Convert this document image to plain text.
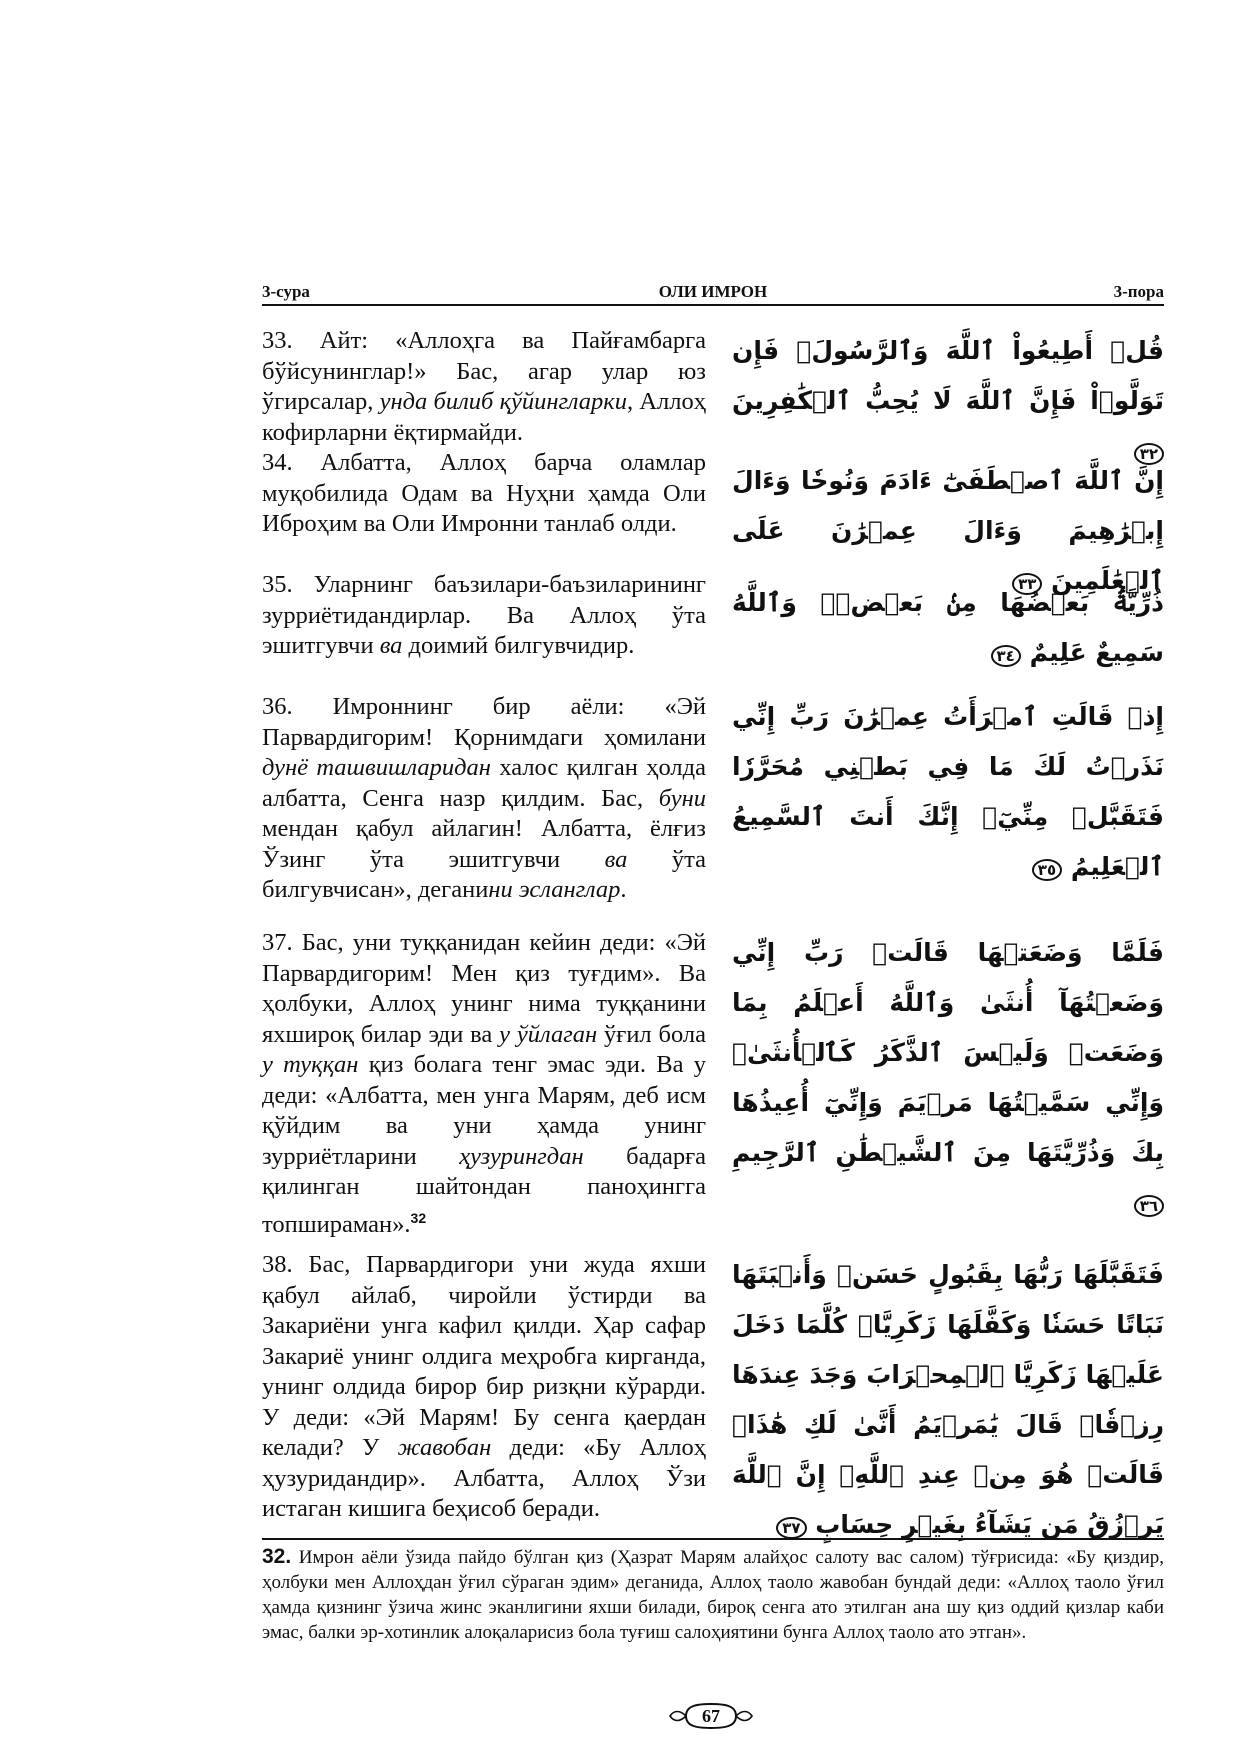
3-сура	ОЛИ ИМРОН	3-пора
33. Айт: «Аллоҳга ва Пайғамбарга бўйсунинглар!» Бас, агар улар юз ўгирсалар, унда билиб қўйингларки, Аллоҳ кофирларни ёқтирмайди.
قُلۡ أَطِيعُواْ ٱللَّهَ وَٱلرَّسُولَۖ فَإِن تَوَلَّوۡاْ فَإِنَّ ٱللَّهَ لَا يُحِبُّ ٱلۡكَٰفِرِينَ ٣٢
34. Албатта, Аллоҳ барча оламлар муқобилида Одам ва Нуҳни ҳамда Оли Иброҳим ва Оли Имронни танлаб олди.
إِنَّ ٱللَّهَ ٱصۡطَفَىٰٓ ءَادَمَ وَنُوحٗا وَءَالَ إِبۡرَٰهِيمَ وَءَالَ عِمۡرَٰنَ عَلَى ٱلۡعَٰلَمِينَ ٣٣
35. Уларнинг баъзилари-баъзиларининг зурриётидандирлар. Ва Аллоҳ ўта эшитгувчи ва доимий билгувчидир.
ذُرِّيَّةَۢ بَعۡضُهَا مِنۢ بَعۡضٖۗ وَٱللَّهُ سَمِيعٌ عَلِيمٌ ٣٤
36. Имроннинг бир аёли: «Эй Парвардигорим! Қорнимдаги ҳомилани дунё ташвишларидан халос қилган ҳолда албатта, Сенга назр қилдим. Бас, буни мендан қабул айлагин! Албатта, ёлғиз Ўзинг ўта эшитгувчи ва ўта билгувчисан», деганини эсланглар.
إِذۡ قَالَتِ ٱمۡرَأَتُ عِمۡرَٰنَ رَبِّ إِنِّي نَذَرۡتُ لَكَ مَا فِي بَطۡنِي مُحَرَّرٗا فَتَقَبَّلۡ مِنِّيٓۖ إِنَّكَ أَنتَ ٱلسَّمِيعُ ٱلۡعَلِيمُ ٣٥
37. Бас, уни туққанидан кейин деди: «Эй Парвардигорим! Мен қиз туғдим». Ва ҳолбуки, Аллоҳ унинг нима туққанини яхшироқ билар эди ва у ўйлаган ўғил бола у туққан қиз болага тенг эмас эди. Ва у деди: «Албатта, мен унга Марям, деб исм қўйдим ва уни ҳамда унинг зурриётларини ҳузурингдан бадарға қилинган шайтондан паноҳингга топшираман».$^{32}$
فَلَمَّا وَضَعَتۡهَا قَالَتۡ رَبِّ إِنِّي وَضَعۡتُهَآ أُنثَىٰ وَٱللَّهُ أَعۡلَمُ بِمَا وَضَعَتۡ وَلَيۡسَ ٱلذَّكَرُ كَٱلۡأُنثَىٰۖ وَإِنِّي سَمَّيۡتُهَا مَرۡيَمَ وَإِنِّيٓ أُعِيذُهَا بِكَ وَذُرِّيَّتَهَا مِنَ ٱلشَّيۡطَٰنِ ٱلرَّجِيمِ ٣٦
38. Бас, Парвардигори уни жуда яхши қабул айлаб, чиройли ўстирди ва Закариёни унга кафил қилди. Ҳар сафар Закариё унинг олдига меҳробга кирганда, унинг олдида бирор бир ризқни кўрарди. У деди: «Эй Марям! Бу сенга қаердан келади? У жавобан деди: «Бу Аллоҳ ҳузуридандир». Албатта, Аллоҳ Ўзи истаган кишига беҳисоб беради.
فَتَقَبَّلَهَا رَبُّهَا بِقَبُولٍ حَسَنٖ وَأَنۢبَتَهَا نَبَاتًا حَسَنٗا وَكَفَّلَهَا زَكَرِيَّاۖ كُلَّمَا دَخَلَ عَلَيۡهَا زَكَرِيَّا ٱلۡمِحۡرَابَ وَجَدَ عِندَهَا رِزۡقٗاۖ قَالَ يَٰمَرۡيَمُ أَنَّىٰ لَكِ هَٰذَاۖ قَالَتۡ هُوَ مِنۡ عِندِ ٱللَّهِۖ إِنَّ ٱللَّهَ يَرۡزُقُ مَن يَشَآءُ بِغَيۡرِ حِسَابٍ ٣٧
32. Имрон аёли ўзида пайдо бўлган қиз (Ҳазрат Марям алайҳос салоту вас салом) тўғрисида: «Бу қиздир, ҳолбуки мен Аллоҳдан ўғил сўраган эдим» деганида, Аллоҳ таоло жавобан бундай деди: «Аллоҳ таоло ўғил ҳамда қизнинг ўзича жинс эканлигини яхши билади, бироқ сенга ато этилган ана шу қиз оддий қизлар каби эмас, балки эр-хотинлик алоқаларисиз бола туғиш салоҳиятини бунга Аллоҳ таоло ато этган».
67
